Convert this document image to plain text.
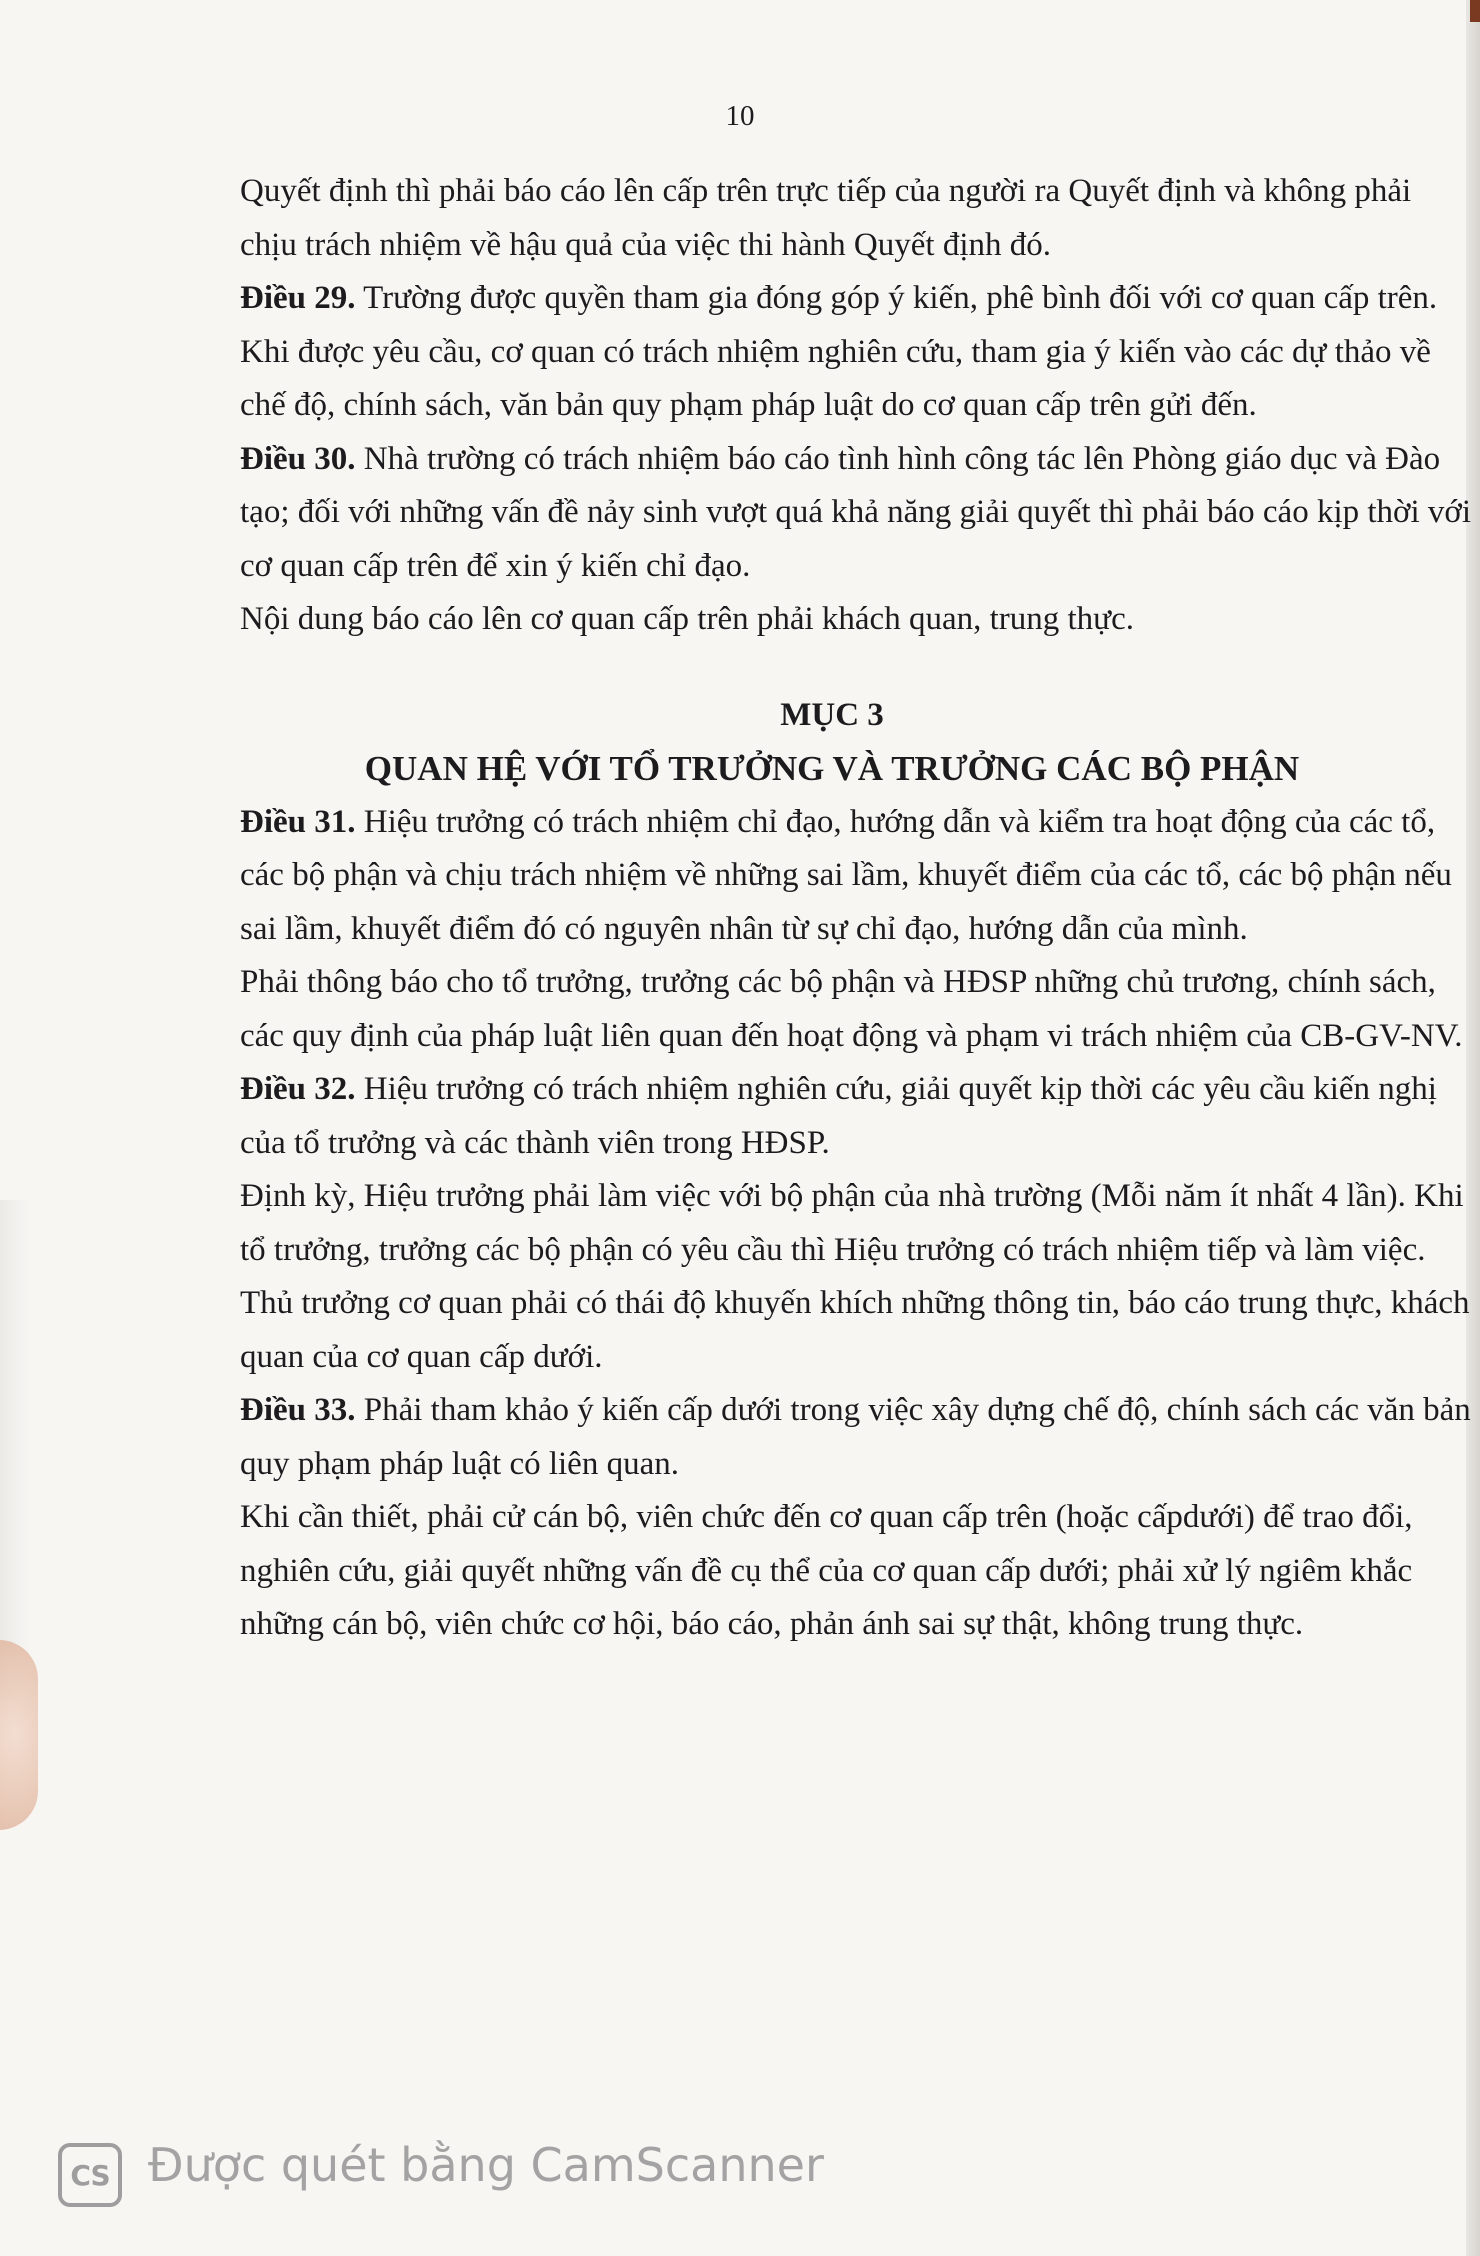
10

Quyết định thì phải báo cáo lên cấp trên trực tiếp của người ra Quyết định và không phải chịu trách nhiệm về hậu quả của việc thi hành Quyết định đó.

Điều 29. Trường được quyền tham gia đóng góp ý kiến, phê bình đối với cơ quan cấp trên.

Khi được yêu cầu, cơ quan có trách nhiệm nghiên cứu, tham gia ý kiến vào các dự thảo về chế độ, chính sách, văn bản quy phạm pháp luật do cơ quan cấp trên gửi đến.

Điều 30. Nhà trường có trách nhiệm báo cáo tình hình công tác lên Phòng giáo dục và Đào tạo; đối với những vấn đề nảy sinh vượt quá khả năng giải quyết thì phải báo cáo kịp thời với cơ quan cấp trên để xin ý kiến chỉ đạo.

Nội dung báo cáo lên cơ quan cấp trên phải khách quan, trung thực.

MỤC 3

QUAN HỆ VỚI TỔ TRƯỞNG VÀ TRƯỞNG CÁC BỘ PHẬN

Điều 31. Hiệu trưởng có trách nhiệm chỉ đạo, hướng dẫn và kiểm tra hoạt động của các tổ, các bộ phận và chịu trách nhiệm về những sai lầm, khuyết điểm của các tổ, các bộ phận nếu sai lầm, khuyết điểm đó có nguyên nhân từ sự chỉ đạo, hướng dẫn của mình.

Phải thông báo cho tổ trưởng, trưởng các bộ phận và HĐSP những chủ trương, chính sách, các quy định của pháp luật liên quan đến hoạt động và phạm vi trách nhiệm của CB-GV-NV.

Điều 32. Hiệu trưởng có trách nhiệm nghiên cứu, giải quyết kịp thời các yêu cầu kiến nghị của tổ trưởng và các thành viên trong HĐSP.

Định kỳ, Hiệu trưởng phải làm việc với bộ phận của nhà trường (Mỗi năm ít nhất 4 lần). Khi tổ trưởng, trưởng các bộ phận có yêu cầu thì Hiệu trưởng có trách nhiệm tiếp và làm việc.

Thủ trưởng cơ quan phải có thái độ khuyến khích những thông tin, báo cáo trung thực, khách quan của cơ quan cấp dưới.

Điều 33. Phải tham khảo ý kiến cấp dưới trong việc xây dựng chế độ, chính sách các văn bản quy phạm pháp luật có liên quan.

Khi cần thiết, phải cử cán bộ, viên chức đến cơ quan cấp trên (hoặc cấpdưới) để trao đổi, nghiên cứu, giải quyết những vấn đề cụ thể của cơ quan cấp dưới; phải xử lý ngiêm khắc những cán bộ, viên chức cơ hội, báo cáo, phản ánh sai sự thật, không trung thực.

CS Được quét bằng CamScanner
